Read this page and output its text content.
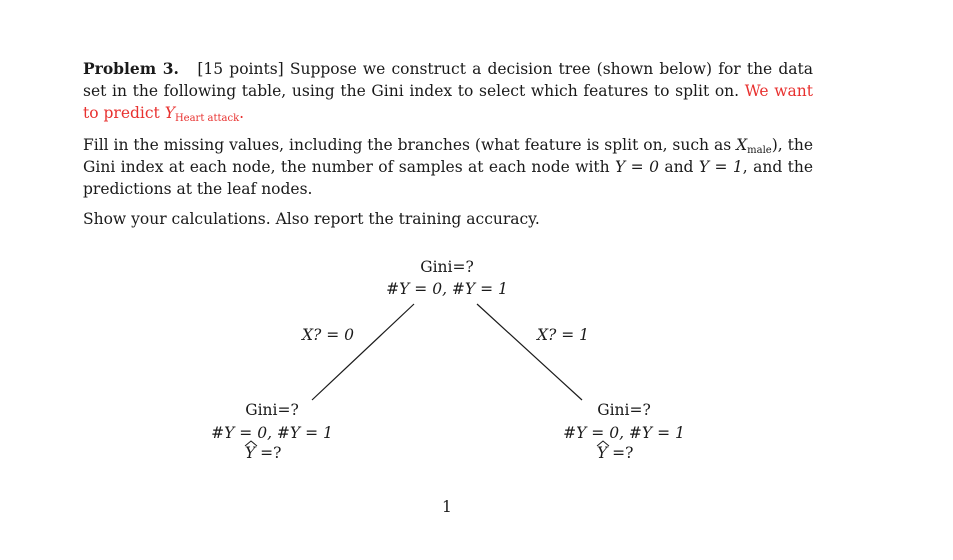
Problem 3. [15 points] Suppose we construct a decision tree (shown below) for the data set in the following table, using the Gini index to select which features to split on. We want to predict $Y_{Heart attack}$.
Fill in the missing values, including the branches (what feature is split on, such as $X_{male}$), the Gini index at each node, the number of samples at each node with Y = 0 and Y = 1, and the predictions at the leaf nodes.
Show your calculations. Also report the training accuracy.
Gini=?
#Y = 0, #Y = 1
X? = 0	X? = 1
Gini=?
#Y = 0, #Y = 1
Y
=?
Gini=?
#Y = 0, #Y = 1
Y
=?
1
